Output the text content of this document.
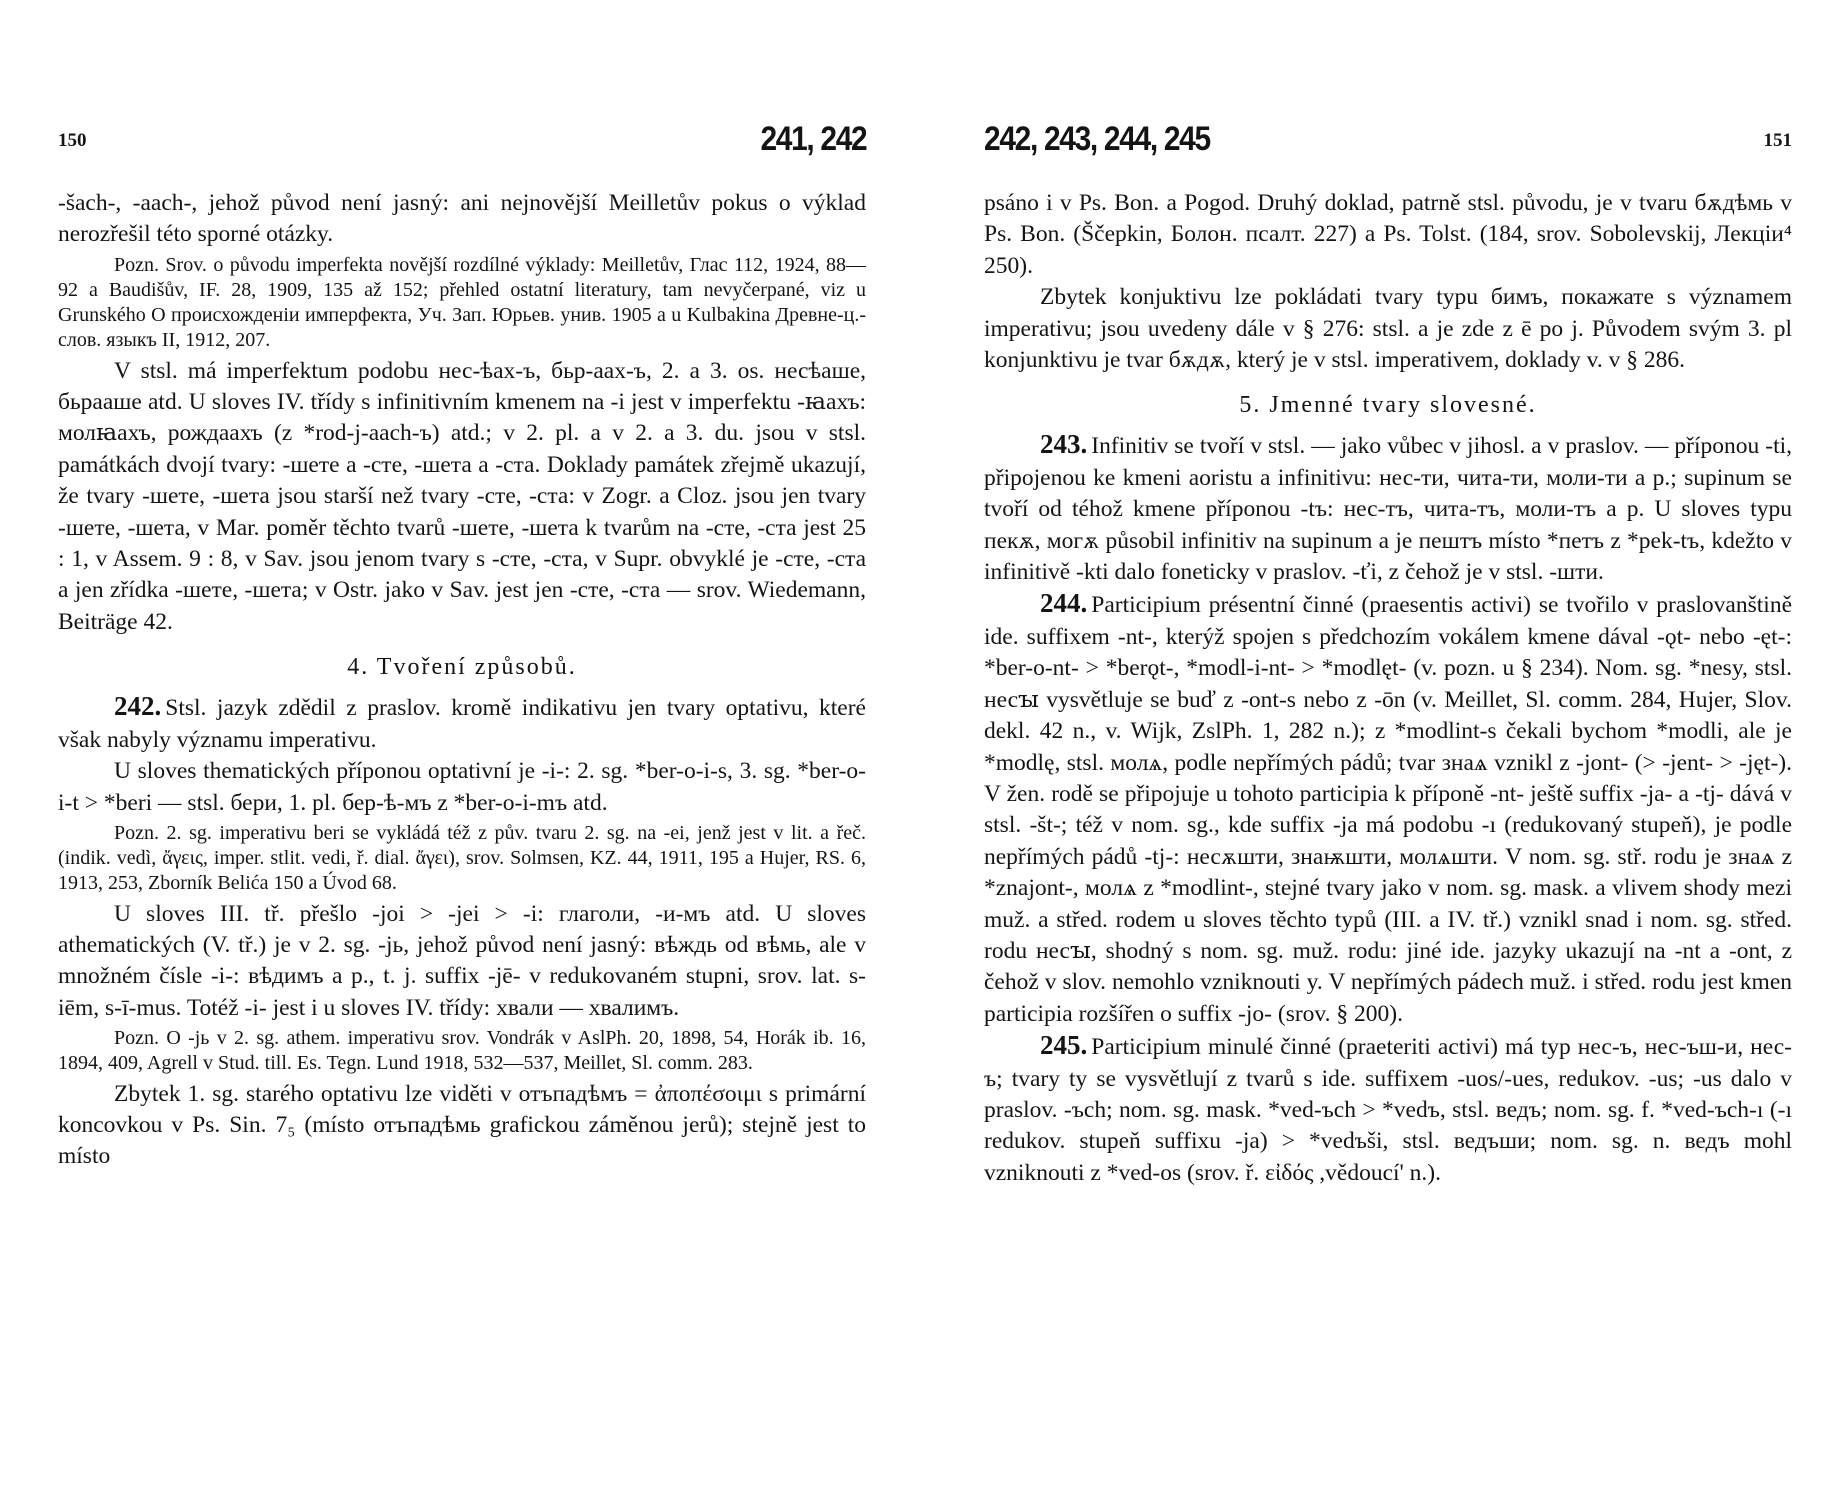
150	241, 242

-šach-, -aach-, jehož původ není jasný: ani nejnovější Meilletův pokus o výklad nerozřešil této sporné otázky.

Pozn. Srov. o původu imperfekta novější rozdílné výklady: Meilletův, Глас 112, 1924, 88—92 a Baudišův, IF. 28, 1909, 135 až 152; přehled ostatní literatury, tam nevyčerpané, viz u Grunského О происхожденiи имперфекта, Уч. Зап. Юрьев. унив. 1905 a u Kulbakina Древне-ц.-слов. языкъ II, 1912, 207.

V stsl. má imperfektum podobu нес-ѣах-ъ, бьр-аах-ъ, 2. a 3. os. несѣаше, бьрааше atd. U sloves IV. třídy s infinitivním kmenem na -i jest v imperfektu -ꙗахъ: молꙗахъ, рождаахъ (z *rod-j-aach-ъ) atd.; v 2. pl. a v 2. a 3. du. jsou v stsl. památkách dvojí tvary: -шете a -сте, -шета a -ста. Doklady památek zřejmě ukazují, že tvary -шете, -шета jsou starší než tvary -сте, -ста: v Zogr. a Cloz. jsou jen tvary -шете, -шета, v Mar. poměr těchto tvarů -шете, -шета k tvarům na -сте, -ста jest 25 : 1, v Assem. 9 : 8, v Sav. jsou jenom tvary s -сте, -ста, v Supr. obvyklé je -сте, -ста a jen zřídka -шете, -шета; v Ostr. jako v Sav. jest jen -сте, -ста — srov. Wiedemann, Beiträge 42.

4. Tvoření způsobů.

242. Stsl. jazyk zdědil z praslov. kromě indikativu jen tvary optativu, které však nabyly významu imperativu.

U sloves thematických příponou optativní je -i-: 2. sg. *ber-o-i-s, 3. sg. *ber-o-i-t > *beri — stsl. бери, 1. pl. бер-ѣ-мъ z *ber-o-i-mъ atd.

Pozn. 2. sg. imperativu beri se vykládá též z pův. tvaru 2. sg. na -ei, jenž jest v lit. a řeč. (indik. vedì, ἄγεις, imper. stlit. vedi, ř. dial. ἄγει), srov. Solmsen, KZ. 44, 1911, 195 a Hujer, RS. 6, 1913, 253, Zborník Belića 150 a Úvod 68.

U sloves III. tř. přešlo -joi > -jei > -i: глаголи, -и-мъ atd. U sloves athematických (V. tř.) je v 2. sg. -jь, jehož původ není jasný: вѣждь od вѣмь, ale v množném čísle -i-: вѣдимъ a p., t. j. suffix -jē- v redukovaném stupni, srov. lat. s-iēm, s-ī-mus. Totéž -i- jest i u sloves IV. třídy: хвали — хвалимъ.

Pozn. O -jь v 2. sg. athem. imperativu srov. Vondrák v AslPh. 20, 1898, 54, Horák ib. 16, 1894, 409, Agrell v Stud. till. Es. Tegn. Lund 1918, 532—537, Meillet, Sl. comm. 283.

Zbytek 1. sg. starého optativu lze viděti v отъпадѣмъ = ἀποπέσοιμι s primární koncovkou v Ps. Sin. 7₅ (místo отъпадѣмь grafickou záměnou jerů); stejně jest to místo

242, 243, 244, 245	151

psáno i v Ps. Bon. a Pogod. Druhý doklad, patrně stsl. původu, je v tvaru бѫдѣмь v Ps. Bon. (Ščepkin, Болон. псалт. 227) a Ps. Tolst. (184, srov. Sobolevskij, Лекцiи⁴ 250).

Zbytek konjuktivu lze pokládati tvary typu бимъ, покажате s významem imperativu; jsou uvedeny dále v § 276: stsl. a je zde z ē po j. Původem svým 3. pl konjunktivu je tvar бѫдѫ, který je v stsl. imperativem, doklady v. v § 286.

5. Jmenné tvary slovesné.

243. Infinitiv se tvoří v stsl. — jako vůbec v jihosl. a v praslov. — příponou -ti, připojenou ke kmeni aoristu a infinitivu: нес-ти, чита-ти, моли-ти a p.; supinum se tvoří od téhož kmene příponou -tъ: нес-тъ, чита-тъ, моли-тъ a p. U sloves typu пекѫ, могѫ působil infinitiv na supinum a je пештъ místo *петъ z *pek-tъ, kdežto v infinitivě -kti dalo foneticky v praslov. -ťi, z čehož je v stsl. -шти.

244. Participium présentní činné (praesentis activi) se tvořilo v praslovanštině ide. suffixem -nt-, kterýž spojen s předchozím vokálem kmene dával -ǫt- nebo -ęt-: *ber-o-nt- > *berǫt-, *modl-i-nt- > *modlęt- (v. pozn. u § 234). Nom. sg. *nesy, stsl. несꙑ vysvětluje se buď z -ont-s nebo z -ōn (v. Meillet, Sl. comm. 284, Hujer, Slov. dekl. 42 n., v. Wijk, ZslPh. 1, 282 n.); z *modlint-s čekali bychom *modli, ale je *modlę, stsl. молѧ, podle nepřímých pádů; tvar знаѧ vznikl z -jont- (> -jent- > -jęt-). V žen. rodě se připojuje u tohoto participia k příponě -nt- ještě suffix -ja- a -tj- dává v stsl. -št-; též v nom. sg., kde suffix -ja má podobu -ı (redukovaný stupeň), je podle nepřímých pádů -tj-: несѫшти, знаѭшти, молѧшти. V nom. sg. stř. rodu je знаѧ z *znajont-, молѧ z *modlint-, stejné tvary jako v nom. sg. mask. a vlivem shody mezi muž. a střed. rodem u sloves těchto typů (III. a IV. tř.) vznikl snad i nom. sg. střed. rodu несꙑ, shodný s nom. sg. muž. rodu: jiné ide. jazyky ukazují na -nt a -ont, z čehož v slov. nemohlo vzniknouti y. V nepřímých pádech muž. i střed. rodu jest kmen participia rozšířen o suffix -jo- (srov. § 200).

245. Participium minulé činné (praeteriti activi) má typ нес-ъ, нес-ъш-и, нес-ъ; tvary ty se vysvětlují z tvarů s ide. suffixem -uos/-ues, redukov. -us; -us dalo v praslov. -ъch; nom. sg. mask. *ved-ъch > *vedъ, stsl. ведъ; nom. sg. f. *ved-ъch-ı (-ı redukov. stupeň suffixu -ja) > *vedъši, stsl. ведъши; nom. sg. n. ведъ mohl vzniknouti z *ved-os (srov. ř. εἰδός ,vědoucí' n.).
